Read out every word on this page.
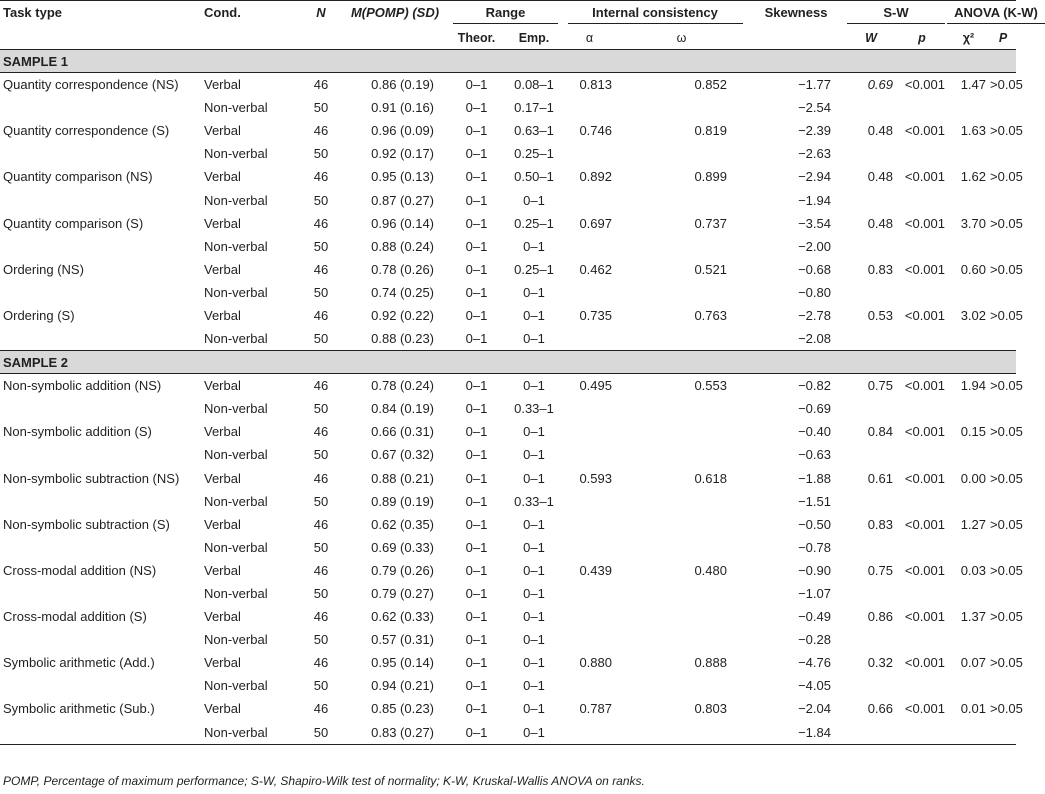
Task type	Cond.	N	M(POMP) (SD)	Range		Internal consistency		Skewness	S-W		ANOVA (K-W)	
				Theor.	Emp.	α	ω		W	p	χ²	P
SAMPLE 1												
Quantity correspondence (NS)	Verbal	46	0.86 (0.19)	0–1	0.08–1	0.813	0.852	−1.77	0.69	<0.001	1.47	>0.05
	Non-verbal	50	0.91 (0.16)	0–1	0.17–1			−2.54				
Quantity correspondence (S)	Verbal	46	0.96 (0.09)	0–1	0.63–1	0.746	0.819	−2.39	0.48	<0.001	1.63	>0.05
	Non-verbal	50	0.92 (0.17)	0–1	0.25–1			−2.63				
Quantity comparison (NS)	Verbal	46	0.95 (0.13)	0–1	0.50–1	0.892	0.899	−2.94	0.48	<0.001	1.62	>0.05
	Non-verbal	50	0.87 (0.27)	0–1	0–1			−1.94				
Quantity comparison (S)	Verbal	46	0.96 (0.14)	0–1	0.25–1	0.697	0.737	−3.54	0.48	<0.001	3.70	>0.05
	Non-verbal	50	0.88 (0.24)	0–1	0–1			−2.00				
Ordering (NS)	Verbal	46	0.78 (0.26)	0–1	0.25–1	0.462	0.521	−0.68	0.83	<0.001	0.60	>0.05
	Non-verbal	50	0.74 (0.25)	0–1	0–1			−0.80				
Ordering (S)	Verbal	46	0.92 (0.22)	0–1	0–1	0.735	0.763	−2.78	0.53	<0.001	3.02	>0.05
	Non-verbal	50	0.88 (0.23)	0–1	0–1			−2.08				
SAMPLE 2												
Non-symbolic addition (NS)	Verbal	46	0.78 (0.24)	0–1	0–1	0.495	0.553	−0.82	0.75	<0.001	1.94	>0.05
	Non-verbal	50	0.84 (0.19)	0–1	0.33–1			−0.69				
Non-symbolic addition (S)	Verbal	46	0.66 (0.31)	0–1	0–1			−0.40	0.84	<0.001	0.15	>0.05
	Non-verbal	50	0.67 (0.32)	0–1	0–1			−0.63				
Non-symbolic subtraction (NS)	Verbal	46	0.88 (0.21)	0–1	0–1	0.593	0.618	−1.88	0.61	<0.001	0.00	>0.05
	Non-verbal	50	0.89 (0.19)	0–1	0.33–1			−1.51				
Non-symbolic subtraction (S)	Verbal	46	0.62 (0.35)	0–1	0–1			−0.50	0.83	<0.001	1.27	>0.05
	Non-verbal	50	0.69 (0.33)	0–1	0–1			−0.78				
Cross-modal addition (NS)	Verbal	46	0.79 (0.26)	0–1	0–1	0.439	0.480	−0.90	0.75	<0.001	0.03	>0.05
	Non-verbal	50	0.79 (0.27)	0–1	0–1			−1.07				
Cross-modal addition (S)	Verbal	46	0.62 (0.33)	0–1	0–1			−0.49	0.86	<0.001	1.37	>0.05
	Non-verbal	50	0.57 (0.31)	0–1	0–1			−0.28				
Symbolic arithmetic (Add.)	Verbal	46	0.95 (0.14)	0–1	0–1	0.880	0.888	−4.76	0.32	<0.001	0.07	>0.05
	Non-verbal	50	0.94 (0.21)	0–1	0–1			−4.05				
Symbolic arithmetic (Sub.)	Verbal	46	0.85 (0.23)	0–1	0–1	0.787	0.803	−2.04	0.66	<0.001	0.01	>0.05
	Non-verbal	50	0.83 (0.27)	0–1	0–1			−1.84				
POMP, Percentage of maximum performance; S-W, Shapiro-Wilk test of normality; K-W, Kruskal-Wallis ANOVA on ranks.
